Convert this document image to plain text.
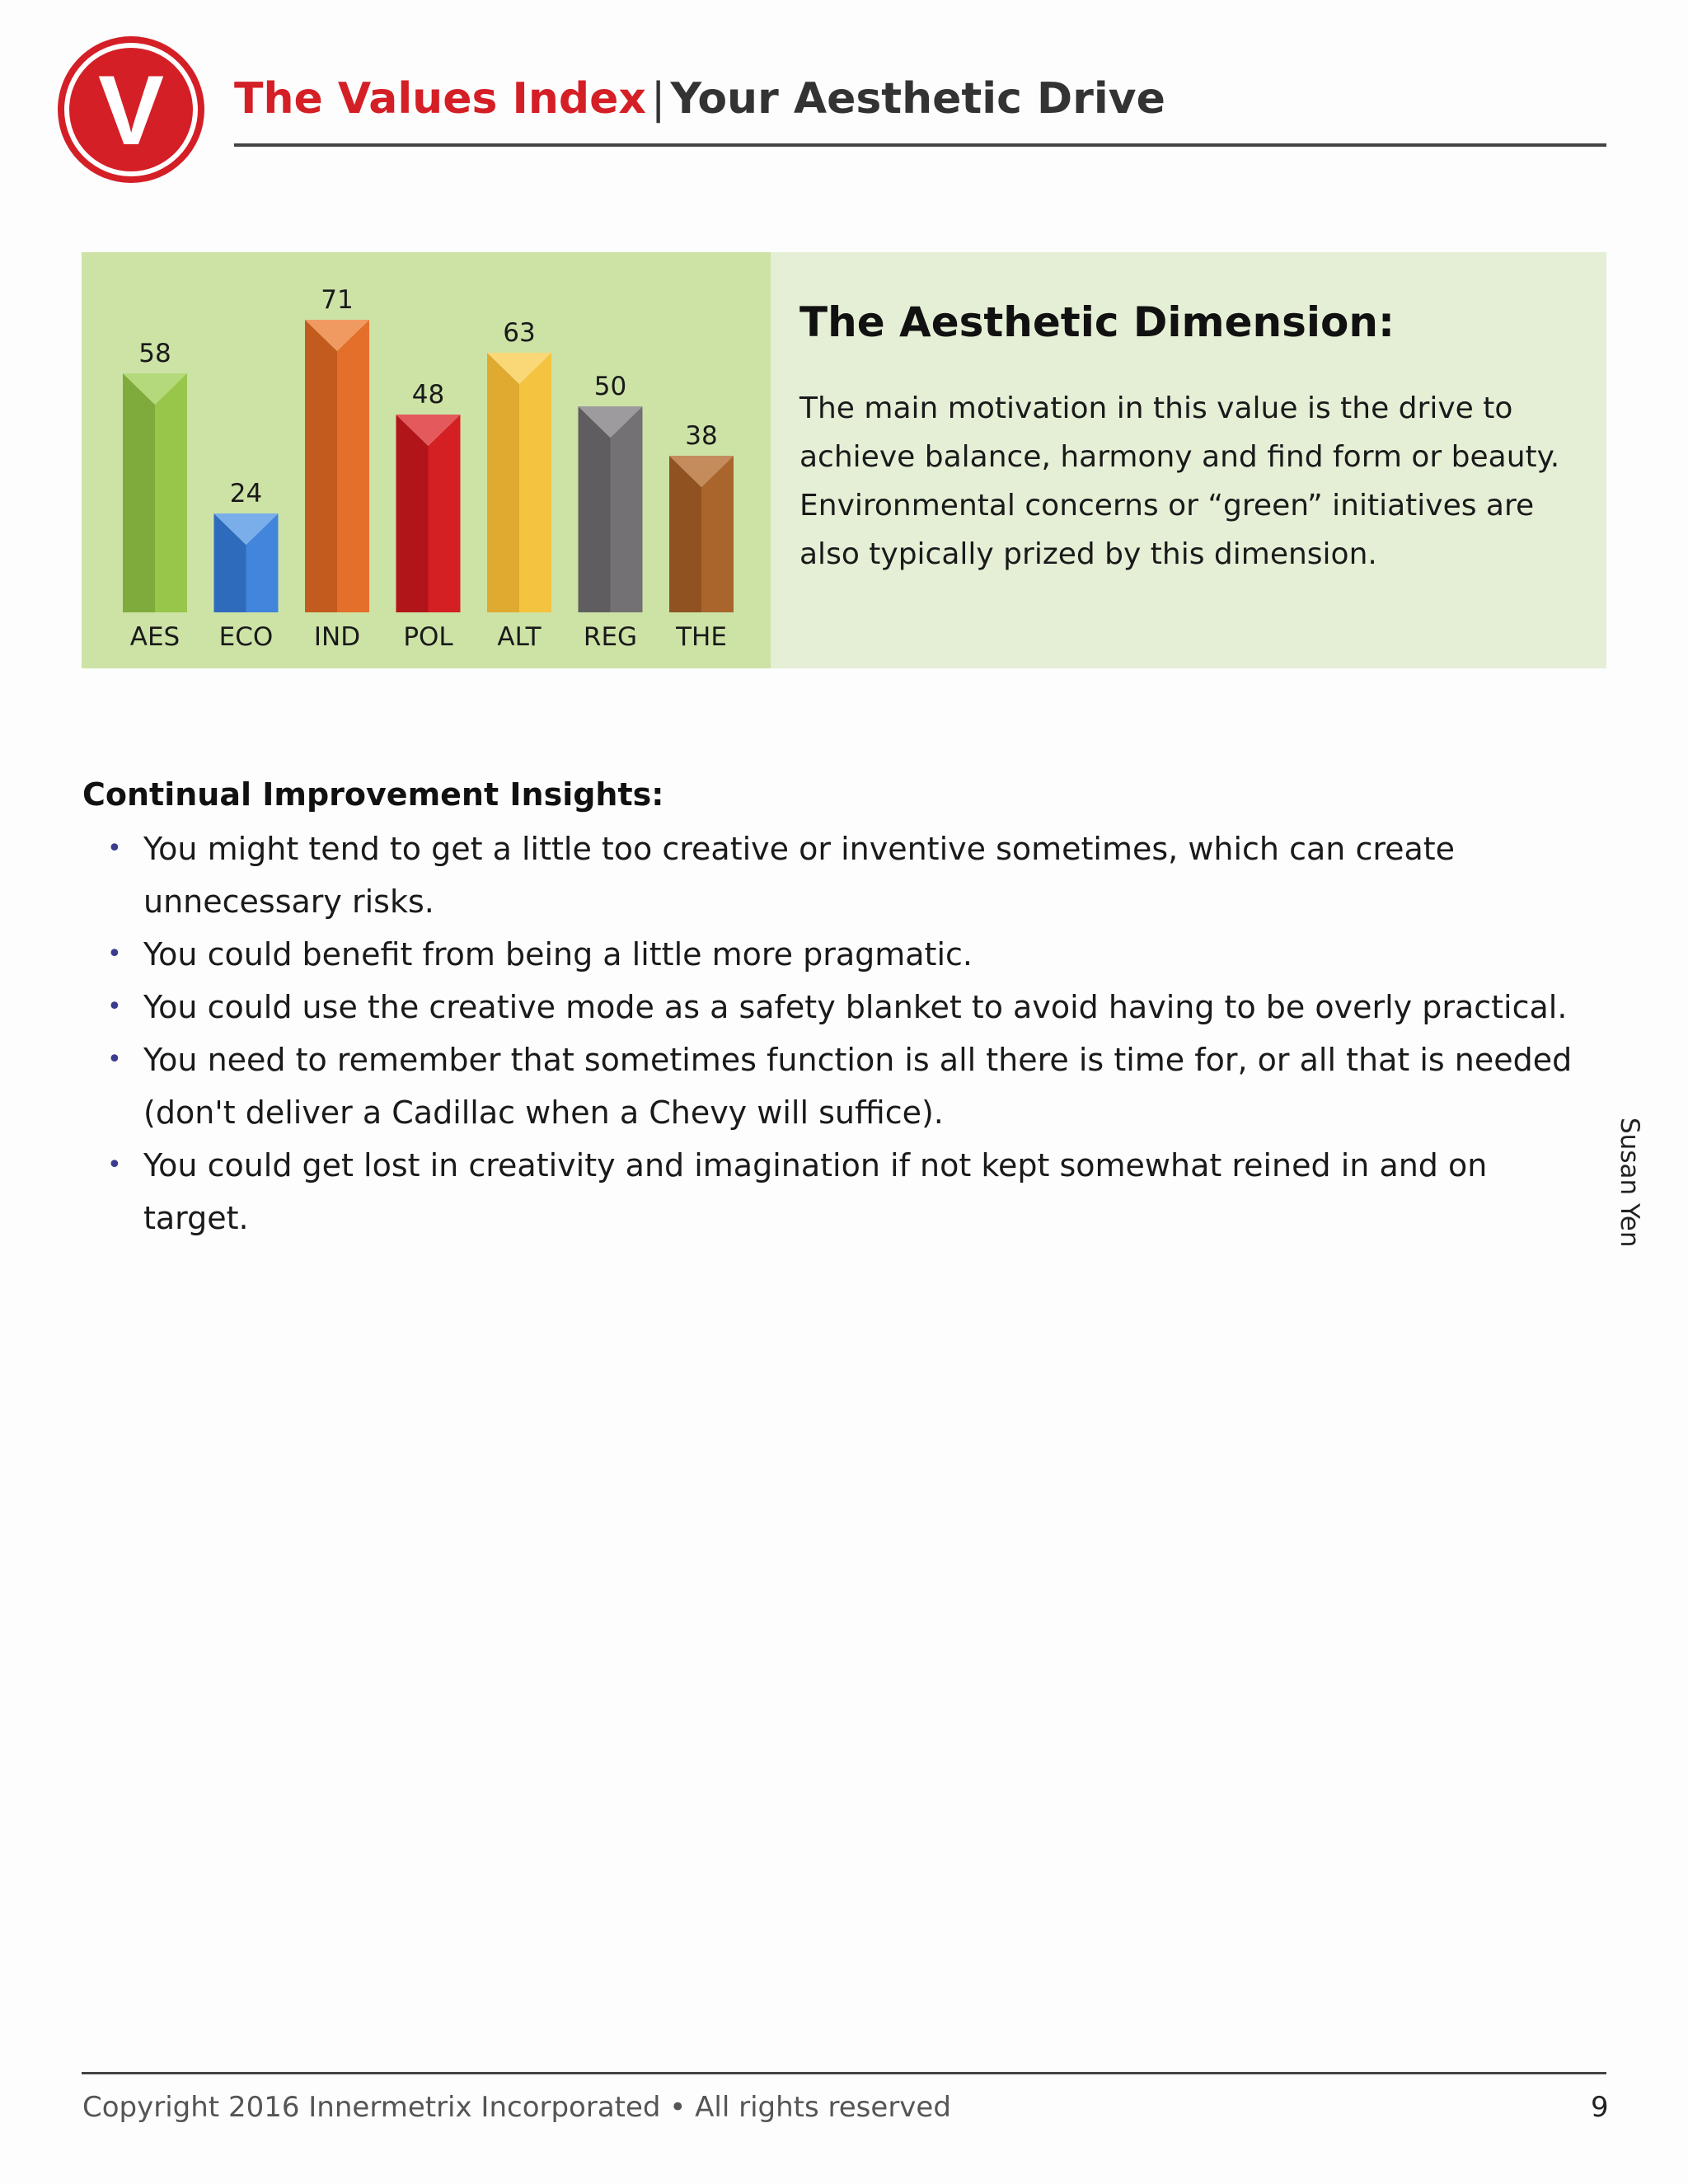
V The Values Index | Your Aesthetic Drive
58
AES
24
ECO
71
IND
48
POL
63
ALT
50
REG
38
THE
The Aesthetic Dimension:
The main motivation in this value is the drive to achieve balance, harmony and find form or beauty. Environmental concerns or “green” initiatives are also typically prized by this dimension.
Continual Improvement Insights:
• You might tend to get a little too creative or inventive sometimes, which can create unnecessary risks.
• You could benefit from being a little more pragmatic.
• You could use the creative mode as a safety blanket to avoid having to be overly practical.
• You need to remember that sometimes function is all there is time for, or all that is needed (don't deliver a Cadillac when a Chevy will suffice).
• You could get lost in creativity and imagination if not kept somewhat reined in and on target.	Susan Yen
Copyright 2016 Innermetrix Incorporated • All rights reserved	9
